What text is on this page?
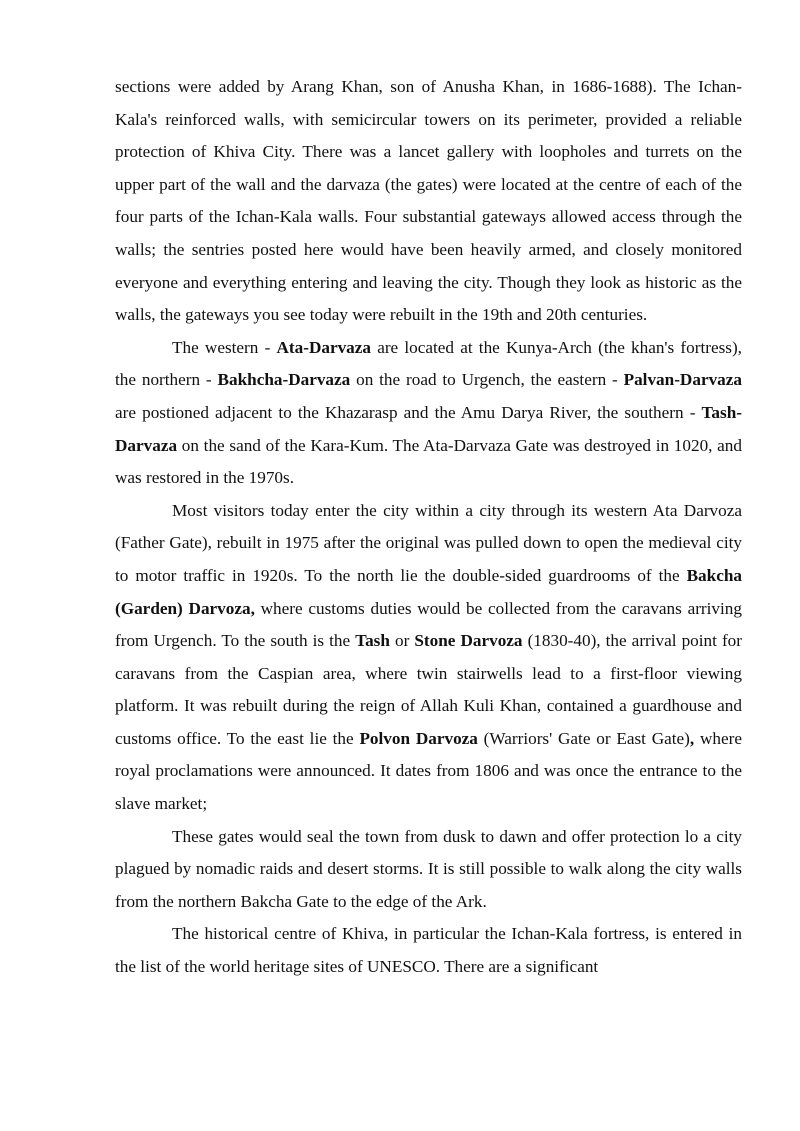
sections were added by Arang Khan, son of Anusha Khan, in 1686-1688). The Ichan-Kala's reinforced walls, with semicircular towers on its perimeter, provided a reliable protection of Khiva City. There was a lancet gallery with loopholes and turrets on the upper part of the wall and the darvaza (the gates) were located at the centre of each of the four parts of the Ichan-Kala walls. Four substantial gateways allowed access through the walls; the sentries posted here would have been heavily armed, and closely monitored everyone and everything entering and leaving the city. Though they look as historic as the walls, the gateways you see today were rebuilt in the 19th and 20th centuries.

The western - Ata-Darvaza are located at the Kunya-Arch (the khan's fortress), the northern - Bakhcha-Darvaza on the road to Urgench, the eastern - Palvan-Darvaza are postioned adjacent to the Khazarasp and the Amu Darya River, the southern - Tash-Darvaza on the sand of the Kara-Kum. The Ata-Darvaza Gate was destroyed in 1020, and was restored in the 1970s.

Most visitors today enter the city within a city through its western Ata Darvoza (Father Gate), rebuilt in 1975 after the original was pulled down to open the medieval city to motor traffic in 1920s. To the north lie the double-sided guardrooms of the Bakcha (Garden) Darvoza, where customs duties would be collected from the caravans arriving from Urgench. To the south is the Tash or Stone Darvoza (1830-40), the arrival point for caravans from the Caspian area, where twin stairwells lead to a first-floor viewing platform. It was rebuilt during the reign of Allah Kuli Khan, contained a guardhouse and customs office. To the east lie the Polvon Darvoza (Warriors' Gate or East Gate), where royal proclamations were announced. It dates from 1806 and was once the entrance to the slave market;

These gates would seal the town from dusk to dawn and offer protection lo a city plagued by nomadic raids and desert storms. It is still possible to walk along the city walls from the northern Bakcha Gate to the edge of the Ark.

The historical centre of Khiva, in particular the Ichan-Kala fortress, is entered in the list of the world heritage sites of UNESCO. There are a significant
